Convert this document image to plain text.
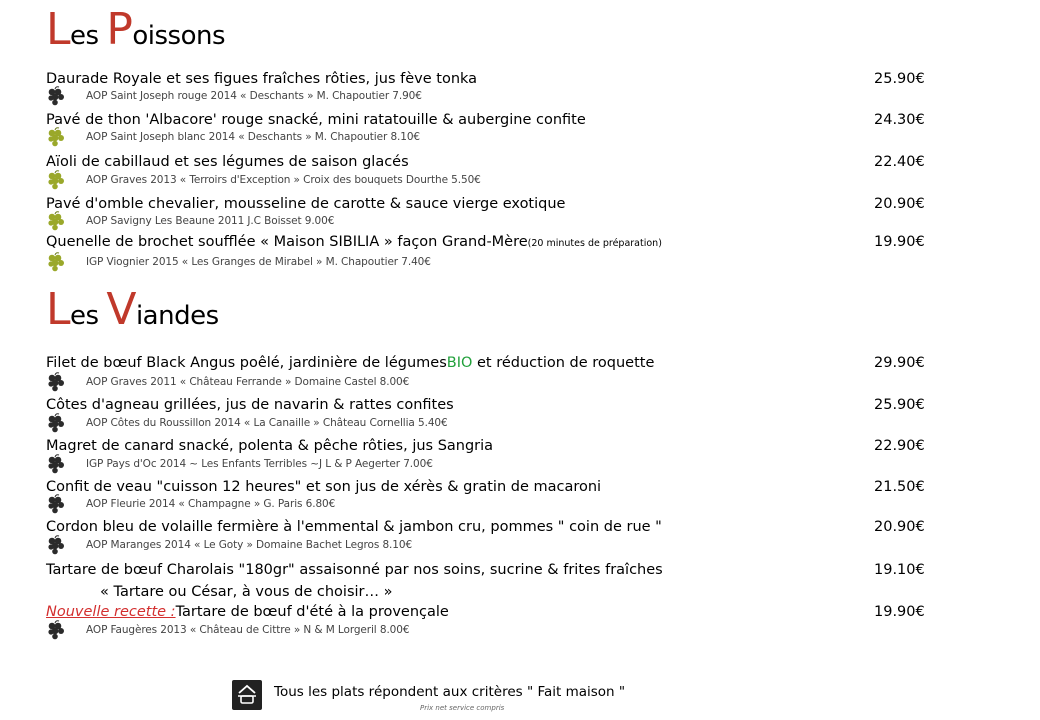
Les Poissons
Daurade Royale et ses figues fraîches rôties, jus fève tonka	25.90€
AOP Saint Joseph rouge 2014 « Deschants » M. Chapoutier 7.90€
Pavé de thon 'Albacore' rouge snacké, mini ratatouille & aubergine confite	24.30€
AOP Saint Joseph blanc 2014 « Deschants » M. Chapoutier 8.10€
Aïoli de cabillaud et ses légumes de saison glacés	22.40€
AOP Graves 2013 « Terroirs d'Exception » Croix des bouquets Dourthe 5.50€
Pavé d'omble chevalier, mousseline de carotte & sauce vierge exotique	20.90€
AOP Savigny Les Beaune 2011 J.C Boisset 9.00€
Quenelle de brochet soufflée « Maison SIBILIA » façon Grand-Mère(20 minutes de préparation)	19.90€
IGP Viognier 2015 « Les Granges de Mirabel » M. Chapoutier 7.40€
Les Viandes
Filet de bœuf Black Angus poêlé, jardinière de légumesBIO et réduction de roquette	29.90€
AOP Graves 2011 « Château Ferrande » Domaine Castel 8.00€
Côtes d'agneau grillées, jus de navarin & rattes confites	25.90€
AOP Côtes du Roussillon 2014 « La Canaille » Château Cornellia 5.40€
Magret de canard snacké, polenta & pêche rôties, jus Sangria	22.90€
IGP Pays d'Oc 2014 ~ Les Enfants Terribles ~J L & P Aegerter 7.00€
Confit de veau "cuisson 12 heures" et son jus de xérès & gratin de macaroni	21.50€
AOP Fleurie 2014 « Champagne » G. Paris 6.80€
Cordon bleu de volaille fermière à l'emmental & jambon cru, pommes " coin de rue "	20.90€
AOP Maranges 2014 « Le Goty » Domaine Bachet Legros 8.10€
Tartare de bœuf Charolais "180gr" assaisonné par nos soins, sucrine & frites fraîches	19.10€
« Tartare ou César, à vous de choisir… »
Nouvelle recette :Tartare de bœuf d'été à la provençale	19.90€
AOP Faugères 2013 « Château de Cittre » N & M Lorgeril 8.00€
Tous les plats répondent aux critères " Fait maison "
Prix net service compris
